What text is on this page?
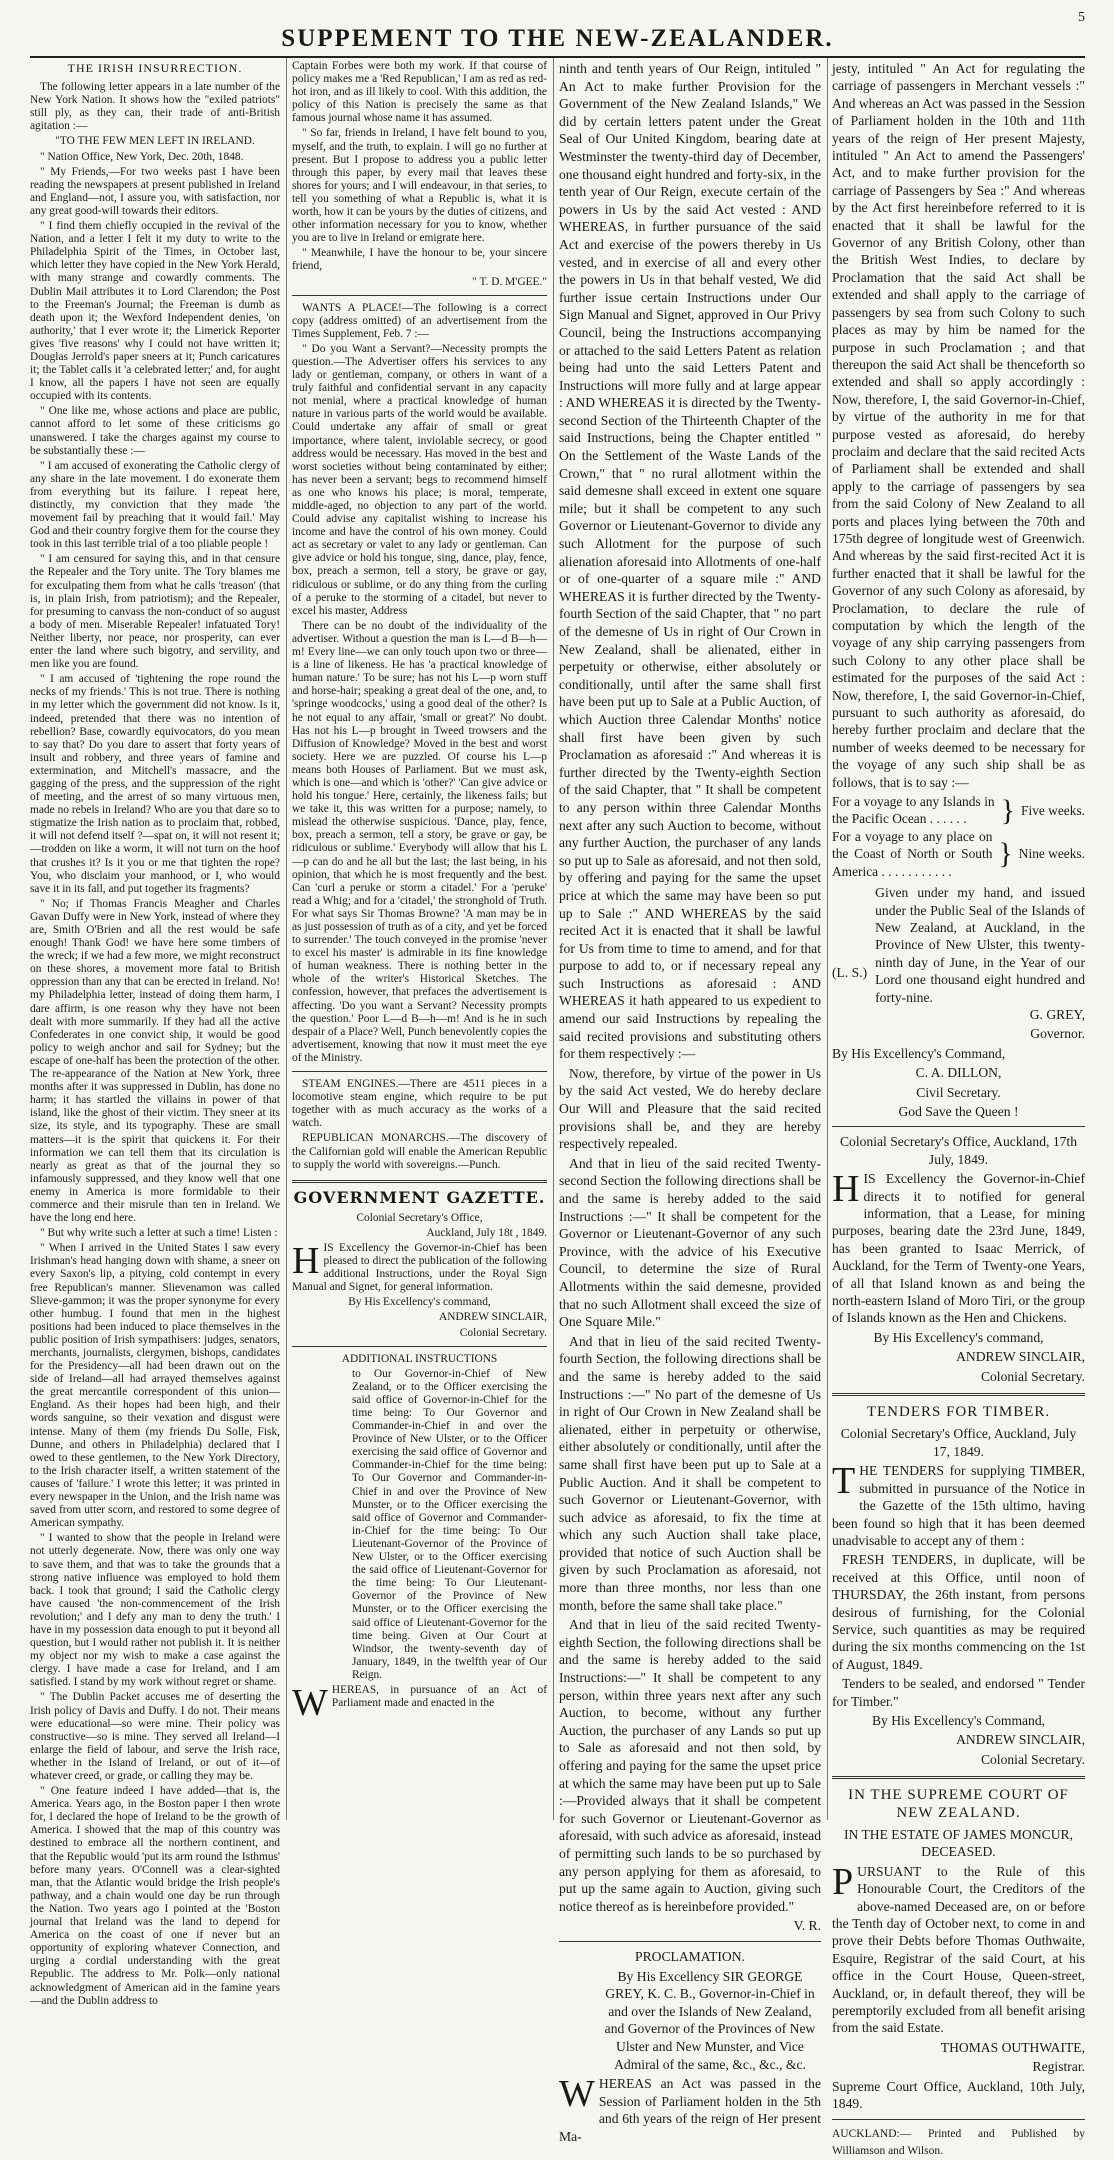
5
SUPPEMENT TO THE NEW-ZEALANDER.
THE IRISH INSURRECTION.

The following letter appears in a late number of the New York Nation. It shows how the "exiled patriots" still ply, as they can, their trade of anti-British agitation :—

"TO THE FEW MEN LEFT IN IRELAND.

" Nation Office, New York, Dec. 20th, 1848.

" My Friends,—For two weeks past I have been reading the newspapers at present published in Ireland and England—not, I assure you, with satisfaction, nor any great good-will towards their editors.

" I find them chiefly occupied in the revival of the Nation, and a letter I felt it my duty to write to the Philadelphia Spirit of the Times, in October last, which letter they have copied in the New York Herald, with many strange and cowardly comments. The Dublin Mail attributes it to Lord Clarendon; the Post to the Freeman's Journal; the Freeman is dumb as death upon it; the Wexford Independent denies, 'on authority,' that I ever wrote it; the Limerick Reporter gives 'five reasons' why I could not have written it; Douglas Jerrold's paper sneers at it; Punch caricatures it; the Tablet calls it 'a celebrated letter;' and, for aught I know, all the papers I have not seen are equally occupied with its contents.

" One like me, whose actions and place are public, cannot afford to let some of these criticisms go unanswered. I take the charges against my course to be substantially these :—

" I am accused of exonerating the Catholic clergy of any share in the late movement. I do exonerate them from everything but its failure. I repeat here, distinctly, my conviction that they made 'the movement fail by preaching that it would fail.' May God and their country forgive them for the course they took in this last terrible trial of a too pliable people !

" I am censured for saying this, and in that censure the Repealer and the Tory unite. The Tory blames me for exculpating them from what he calls 'treason' (that is, in plain Irish, from patriotism); and the Repealer, for presuming to canvass the non-conduct of so august a body of men. Miserable Repealer! infatuated Tory! Neither liberty, nor peace, nor prosperity, can ever enter the land where such bigotry, and servility, and men like you are found.

" I am accused of 'tightening the rope round the necks of my friends.' This is not true. There is nothing in my letter which the government did not know. Is it, indeed, pretended that there was no intention of rebellion? Base, cowardly equivocators, do you mean to say that? Do you dare to assert that forty years of insult and robbery, and three years of famine and extermination, and Mitchell's massacre, and the gagging of the press, and the suppression of the right of meeting, and the arrest of so many virtuous men, made no rebels in Ireland? Who are you that dare so to stigmatize the Irish nation as to proclaim that, robbed, it will not defend itself ?—spat on, it will not resent it; —trodden on like a worm, it will not turn on the hoof that crushes it? Is it you or me that tighten the rope? You, who disclaim your manhood, or I, who would save it in its fall, and put together its fragments?

" No; if Thomas Francis Meagher and Charles Gavan Duffy were in New York, instead of where they are, Smith O'Brien and all the rest would be safe enough! Thank God! we have here some timbers of the wreck; if we had a few more, we might reconstruct on these shores, a movement more fatal to British oppression than any that can be erected in Ireland. No! my Philadelphia letter, instead of doing them harm, I dare affirm, is one reason why they have not been dealt with more summarily. If they had all the active Confederates in one convict ship, it would be good policy to weigh anchor and sail for Sydney; but the escape of one-half has been the protection of the other. The re-appearance of the Nation at New York, three months after it was suppressed in Dublin, has done no harm; it has startled the villains in power of that island, like the ghost of their victim. They sneer at its size, its style, and its typography. These are small matters—it is the spirit that quickens it. For their information we can tell them that its circulation is nearly as great as that of the journal they so infamously suppressed, and they know well that one enemy in America is more formidable to their commerce and their misrule than ten in Ireland. We have the long end here.

" But why write such a letter at such a time! Listen :

" When I arrived in the United States I saw every Irishman's head hanging down with shame, a sneer on every Saxon's lip, a pitying, cold contempt in every free Republican's manner. Slievenamon was called Slieve-gammon; it was the proper synonyme for every other humbug. I found that men in the highest positions had been induced to place themselves in the public position of Irish sympathisers: judges, senators, merchants, journalists, clergymen, bishops, candidates for the Presidency—all had been drawn out on the side of Ireland—all had arrayed themselves against the great mercantile correspondent of this union—England. As their hopes had been high, and their words sanguine, so their vexation and disgust were intense. Many of them (my friends Du Solle, Fisk, Dunne, and others in Philadelphia) declared that I owed to these gentlemen, to the New York Directory, to the Irish character itself, a written statement of the causes of 'failure.' I wrote this letter; it was printed in every newspaper in the Union, and the Irish name was saved from utter scorn, and restored to some degree of American sympathy.

" I wanted to show that the people in Ireland were not utterly degenerate. Now, there was only one way to save them, and that was to take the grounds that a strong native influence was employed to hold them back. I took that ground; I said the Catholic clergy have caused 'the non-commencement of the Irish revolution;' and I defy any man to deny the truth.' I have in my possession data enough to put it beyond all question, but I would rather not publish it. It is neither my object nor my wish to make a case against the clergy. I have made a case for Ireland, and I am satisfied. I stand by my work without regret or shame.

" The Dublin Packet accuses me of deserting the Irish policy of Davis and Duffy. I do not. Their means were educational—so were mine. Their policy was constructive—so is mine. They served all Ireland—I enlarge the field of labour, and serve the Irish race, whether in the Island of Ireland, or out of it—of whatever creed, or grade, or calling they may be.

" One feature indeed I have added—that is, the America. Years ago, in the Boston paper I then wrote for, I declared the hope of Ireland to be the growth of America. I showed that the map of this country was destined to embrace all the northern continent, and that the Republic would 'put its arm round the Isthmus' before many years. O'Connell was a clear-sighted man, that the Atlantic would bridge the Irish people's pathway, and a chain would one day be run through the Nation. Two years ago I pointed at the 'Boston journal that Ireland was the land to depend for America on the coast of one if never but an opportunity of exploring whatever Connection, and urging a cordial understanding with the great Republic. The address to Mr. Polk—only national acknowledgment of American aid in the famine years—and the Dublin address to

Captain Forbes were both my work. If that course of policy makes me a 'Red Republican,' I am as red as red-hot iron, and as ill likely to cool. With this addition, the policy of this Nation is precisely the same as that famous journal whose name it has assumed.

" So far, friends in Ireland, I have felt bound to you, myself, and the truth, to explain. I will go no further at present. But I propose to address you a public letter through this paper, by every mail that leaves these shores for yours; and I will endeavour, in that series, to tell you something of what a Republic is, what it is worth, how it can be yours by the duties of citizens, and other information necessary for you to know, whether you are to live in Ireland or emigrate here.

" Meanwhile, I have the honour to be, your sincere friend,

" T. D. M'GEE."

WANTS A PLACE!—The following is a correct copy (address omitted) of an advertisement from the Times Supplement, Feb. 7 :—

" Do you Want a Servant?—Necessity prompts the question.—The Advertiser offers his services to any lady or gentleman, company, or others in want of a truly faithful and confidential servant in any capacity not menial, where a practical knowledge of human nature in various parts of the world would be available. Could undertake any affair of small or great importance, where talent, inviolable secrecy, or good address would be necessary. Has moved in the best and worst societies without being contaminated by either; has never been a servant; begs to recommend himself as one who knows his place; is moral, temperate, middle-aged, no objection to any part of the world. Could advise any capitalist wishing to increase his income and have the control of his own money. Could act as secretary or valet to any lady or gentleman. Can give advice or hold his tongue, sing, dance, play, fence, box, preach a sermon, tell a story, be grave or gay, ridiculous or sublime, or do any thing from the curling of a peruke to the storming of a citadel, but never to excel his master, Address

There can be no doubt of the individuality of the advertiser. Without a question the man is L—d B—h—m! Every line—we can only touch upon two or three—is a line of likeness. He has 'a practical knowledge of human nature.' To be sure; has not his L—p worn stuff and horse-hair; speaking a great deal of the one, and, to 'springe woodcocks,' using a good deal of the other? Is he not equal to any affair, 'small or great?' No doubt. Has not his L—p brought in Tweed trowsers and the Diffusion of Knowledge? Moved in the best and worst society. Here we are puzzled. Of course his L—p means both Houses of Parliament. But we must ask, which is one—and which is 'other?' 'Can give advice or hold his tongue.' Here, certainly, the likeness fails; but we take it, this was written for a purpose; namely, to mislead the otherwise suspicious. 'Dance, play, fence, box, preach a sermon, tell a story, be grave or gay, be ridiculous or sublime.' Everybody will allow that his L—p can do and he all but the last; the last being, in his opinion, that which he is most frequently and the best. Can 'curl a peruke or storm a citadel.' For a 'peruke' read a Whig; and for a 'citadel,' the stronghold of Truth. For what says Sir Thomas Browne? 'A man may be in as just possession of truth as of a city, and yet be forced to surrender.' The touch conveyed in the promise 'never to excel his master' is admirable in its fine knowledge of human weakness. There is nothing better in the whole of the writer's Historical Sketches. The confession, however, that prefaces the advertisement is affecting. 'Do you want a Servant? Necessity prompts the question.' Poor L—d B—h—m! And is he in such despair of a Place? Well, Punch benevolently copies the advertisement, knowing that now it must meet the eye of the Ministry.

STEAM ENGINES.—There are 4511 pieces in a locomotive steam engine, which require to be put together with as much accuracy as the works of a watch.

REPUBLICAN MONARCHS.—The discovery of the Californian gold will enable the American Republic to supply the world with sovereigns.—Punch.

GOVERNMENT GAZETTE.

Colonial Secretary's Office,

Auckland, July 18t , 1849.

HIS Excellency the Governor-in-Chief has been pleased to direct the publication of the following additional Instructions, under the Royal Sign Manual and Signet, for general information.

By His Excellency's command,

ANDREW SINCLAIR,

Colonial Secretary.

ADDITIONAL INSTRUCTIONS

to Our Governor-in-Chief of New Zealand, or to the Officer exercising the said office of Governor-in-Chief for the time being: To Our Governor and Commander-in-Chief in and over the Province of New Ulster, or to the Officer exercising the said office of Governor and Commander-in-Chief for the time being: To Our Governor and Commander-in-Chief in and over the Province of New Munster, or to the Officer exercising the said office of Governor and Commander-in-Chief for the time being: To Our Lieutenant-Governor of the Province of New Ulster, or to the Officer exercising the said office of Lieutenant-Governor for the time being: To Our Lieutenant-Governor of the Province of New Munster, or to the Officer exercising the said office of Lieutenant-Governor for the time being. Given at Our Court at Windsor, the twenty-seventh day of January, 1849, in the twelfth year of Our Reign.

WHEREAS, in pursuance of an Act of Parliament made and enacted in the

ninth and tenth years of Our Reign, intituled " An Act to make further Provision for the Government of the New Zealand Islands," We did by certain letters patent under the Great Seal of Our United Kingdom, bearing date at Westminster the twenty-third day of December, one thousand eight hundred and forty-six, in the tenth year of Our Reign, execute certain of the powers in Us by the said Act vested : AND WHEREAS, in further pursuance of the said Act and exercise of the powers thereby in Us vested, and in exercise of all and every other the powers in Us in that behalf vested, We did further issue certain Instructions under Our Sign Manual and Signet, approved in Our Privy Council, being the Instructions accompanying or attached to the said Letters Patent as relation being had unto the said Letters Patent and Instructions will more fully and at large appear : AND WHEREAS it is directed by the Twenty-second Section of the Thirteenth Chapter of the said Instructions, being the Chapter entitled " On the Settlement of the Waste Lands of the Crown," that " no rural allotment within the said demesne shall exceed in extent one square mile; but it shall be competent to any such Governor or Lieutenant-Governor to divide any such Allotment for the purpose of such alienation aforesaid into Allotments of one-half or of one-quarter of a square mile :" AND WHEREAS it is further directed by the Twenty-fourth Section of the said Chapter, that " no part of the demesne of Us in right of Our Crown in New Zealand, shall be alienated, either in perpetuity or otherwise, either absolutely or conditionally, until after the same shall first have been put up to Sale at a Public Auction, of which Auction three Calendar Months' notice shall first have been given by such Proclamation as aforesaid :" And whereas it is further directed by the Twenty-eighth Section of the said Chapter, that " It shall be competent to any person within three Calendar Months next after any such Auction to become, without any further Auction, the purchaser of any lands so put up to Sale as aforesaid, and not then sold, by offering and paying for the same the upset price at which the same may have been so put up to Sale :" AND WHEREAS by the said recited Act it is enacted that it shall be lawful for Us from time to time to amend, and for that purpose to add to, or if necessary repeal any such Instructions as aforesaid : AND WHEREAS it hath appeared to us expedient to amend our said Instructions by repealing the said recited provisions and substituting others for them respectively :—

Now, therefore, by virtue of the power in Us by the said Act vested, We do hereby declare Our Will and Pleasure that the said recited provisions shall be, and they are hereby respectively repealed.

And that in lieu of the said recited Twenty-second Section the following directions shall be and the same is hereby added to the said Instructions :—" It shall be competent for the Governor or Lieutenant-Governor of any such Province, with the advice of his Executive Council, to determine the size of Rural Allotments within the said demesne, provided that no such Allotment shall exceed the size of One Square Mile."

And that in lieu of the said recited Twenty-fourth Section, the following directions shall be and the same is hereby added to the said Instructions :—" No part of the demesne of Us in right of Our Crown in New Zealand shall be alienated, either in perpetuity or otherwise, either absolutely or conditionally, until after the same shall first have been put up to Sale at a Public Auction. And it shall be competent to such Governor or Lieutenant-Governor, with such advice as aforesaid, to fix the time at which any such Auction shall take place, provided that notice of such Auction shall be given by such Proclamation as aforesaid, not more than three months, nor less than one month, before the same shall take place."

And that in lieu of the said recited Twenty-eighth Section, the following directions shall be and the same is hereby added to the said Instructions:—" It shall be competent to any person, within three years next after any such Auction, to become, without any further Auction, the purchaser of any Lands so put up to Sale as aforesaid and not then sold, by offering and paying for the same the upset price at which the same may have been put up to Sale :—Provided always that it shall be competent for such Governor or Lieutenant-Governor as aforesaid, with such advice as aforesaid, instead of permitting such lands to be so purchased by any person applying for them as aforesaid, to put up the same again to Auction, giving such notice thereof as is hereinbefore provided."

V. R.

PROCLAMATION.

By His Excellency SIR GEORGE GREY, K. C. B., Governor-in-Chief in and over the Islands of New Zealand, and Governor of the Provinces of New Ulster and New Munster, and Vice Admiral of the same, &c., &c., &c.

WHEREAS an Act was passed in the Session of Parliament holden in the 5th and 6th years of the reign of Her present Ma-

jesty, intituled " An Act for regulating the carriage of passengers in Merchant vessels :" And whereas an Act was passed in the Session of Parliament holden in the 10th and 11th years of the reign of Her present Majesty, intituled " An Act to amend the Passengers' Act, and to make further provision for the carriage of Passengers by Sea :" And whereas by the Act first hereinbefore referred to it is enacted that it shall be lawful for the Governor of any British Colony, other than the British West Indies, to declare by Proclamation that the said Act shall be extended and shall apply to the carriage of passengers by sea from such Colony to such places as may by him be named for the purpose in such Proclamation ; and that thereupon the said Act shall be thenceforth so extended and shall so apply accordingly : Now, therefore, I, the said Governor-in-Chief, by virtue of the authority in me for that purpose vested as aforesaid, do hereby proclaim and declare that the said recited Acts of Parliament shall be extended and shall apply to the carriage of passengers by sea from the said Colony of New Zealand to all ports and places lying between the 70th and 175th degree of longitude west of Greenwich. And whereas by the said first-recited Act it is further enacted that it shall be lawful for the Governor of any such Colony as aforesaid, by Proclamation, to declare the rule of computation by which the length of the voyage of any ship carrying passengers from such Colony to any other place shall be estimated for the purposes of the said Act : Now, therefore, I, the said Governor-in-Chief, pursuant to such authority as aforesaid, do hereby further proclaim and declare that the number of weeks deemed to be necessary for the voyage of any such ship shall be as follows, that is to say :—

For a voyage to any Islands in the Pacific Ocean . . . . . .	} Five weeks.
For a voyage to any place on the Coast of North or South America . . . . . . . . . . .
} Nine weeks.
(L. S.)
Given under my hand, and issued under the Public Seal of the Islands of New Zealand, at Auckland, in the Province of New Ulster, this twenty-ninth day of June, in the Year of our Lord one thousand eight hundred and forty-nine.

G. GREY,

Governor.

By His Excellency's Command,

C. A. DILLON,

Civil Secretary.

God Save the Queen !

Colonial Secretary's Office, Auckland, 17th July, 1849.

HIS Excellency the Governor-in-Chief directs it to notified for general information, that a Lease, for mining purposes, bearing date the 23rd June, 1849, has been granted to Isaac Merrick, of Auckland, for the Term of Twenty-one Years, of all that Island known as and being the north-eastern Island of Moro Tiri, or the group of Islands known as the Hen and Chickens.

By His Excellency's command,

ANDREW SINCLAIR,

Colonial Secretary.

TENDERS FOR TIMBER.

Colonial Secretary's Office, Auckland, July 17, 1849.

THE TENDERS for supplying TIMBER, submitted in pursuance of the Notice in the Gazette of the 15th ultimo, having been found so high that it has been deemed unadvisable to accept any of them :

FRESH TENDERS, in duplicate, will be received at this Office, until noon of THURSDAY, the 26th instant, from persons desirous of furnishing, for the Colonial Service, such quantities as may be required during the six months commencing on the 1st of August, 1849.

Tenders to be sealed, and endorsed " Tender for Timber."

By His Excellency's Command,

ANDREW SINCLAIR,

Colonial Secretary.

IN THE SUPREME COURT OF NEW ZEALAND.

IN THE ESTATE OF JAMES MONCUR, DECEASED.

PURSUANT to the Rule of this Honourable Court, the Creditors of the above-named Deceased are, on or before the Tenth day of October next, to come in and prove their Debts before Thomas Outhwaite, Esquire, Registrar of the said Court, at his office in the Court House, Queen-street, Auckland, or, in default thereof, they will be peremptorily excluded from all benefit arising from the said Estate.

THOMAS OUTHWAITE,

Registrar.

Supreme Court Office, Auckland, 10th July, 1849.

AUCKLAND:— Printed and Published by Williamson and Wilson.
